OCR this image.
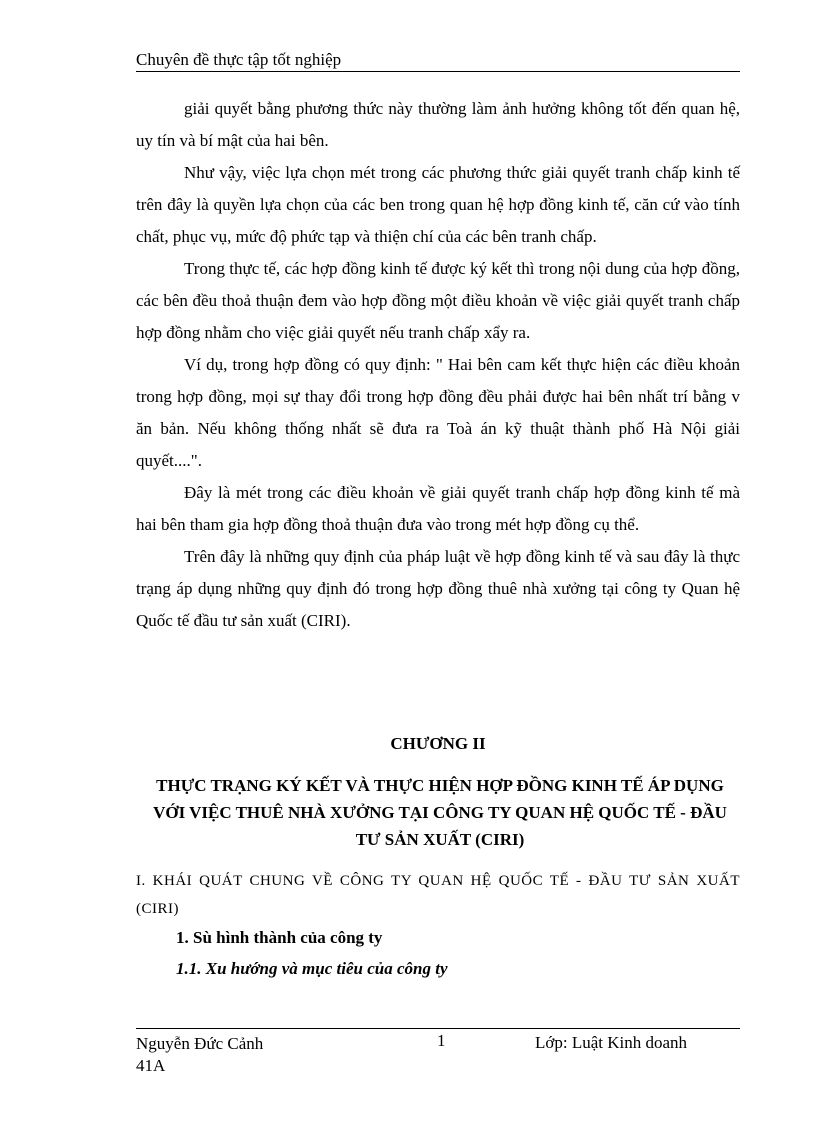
Chuyên đề thực tập tốt nghiệp

giải quyết bằng phương thức này thường làm ảnh hưởng không tốt đến quan hệ, uy tín và bí mật của hai bên.

Như vậy, việc lựa chọn mét trong các phương thức giải quyết tranh chấp kinh tế trên đây là quyền lựa chọn của các ben trong quan hệ hợp đồng kinh tế, căn cứ vào tính chất, phục vụ, mức độ phức tạp và thiện chí của các bên tranh chấp.

Trong thực tế, các hợp đồng kinh tế được ký kết thì trong nội dung của hợp đồng, các bên đều thoả thuận đem vào hợp đồng một điều khoản về việc giải quyết tranh chấp hợp đồng nhằm cho việc giải quyết nếu tranh chấp xẩy ra.

Ví dụ, trong hợp đồng có quy định: " Hai bên cam kết thực hiện các điều khoản trong hợp đồng, mọi sự thay đổi trong hợp đồng đều phải được hai bên nhất trí bằng v ăn bản. Nếu không thống nhất sẽ đưa ra Toà án kỹ thuật thành phố Hà Nội giải quyết....".

Đây là mét trong các điều khoản về giải quyết tranh chấp hợp đồng kinh tế mà hai bên tham gia hợp đồng thoả thuận đưa vào trong mét hợp đồng cụ thể.

Trên đây là những quy định của pháp luật về hợp đồng kinh tế và sau đây là thực trạng áp dụng những quy định đó trong hợp đồng thuê nhà xưởng tại công ty Quan hệ Quốc tế đầu tư sản xuất (CIRI).

CHƯƠNG II
THỰC TRẠNG KÝ KẾT VÀ THỰC HIỆN HỢP ĐỒNG KINH TẾ ÁP DỤNG VỚI VIỆC THUÊ NHÀ XƯỞNG TẠI CÔNG TY QUAN HỆ QUỐC TẾ - ĐẦU TƯ SẢN XUẤT (CIRI)
I. KHÁI QUÁT CHUNG VỀ CÔNG TY QUAN HỆ QUỐC TẾ - ĐẦU TƯ SẢN XUẤT (CIRI)
1. Sù hình thành của công ty
1.1. Xu hướng và mục tiêu của công ty
Nguyễn Đức Cảnh
41A
1	Lớp: Luật Kinh doanh
